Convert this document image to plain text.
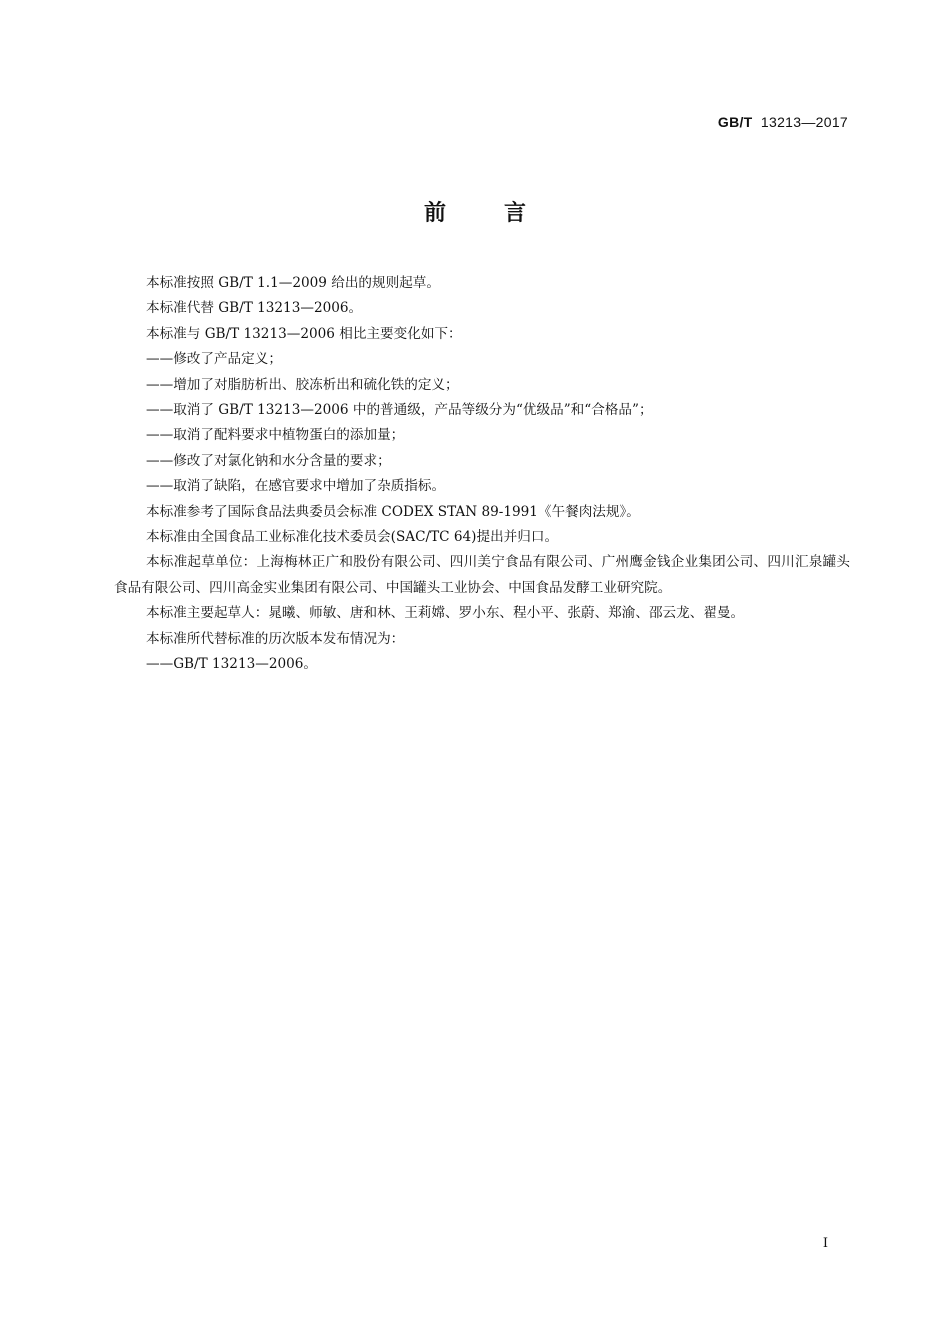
GB/T 13213—2017
前言

本标准按照 GB/T 1.1—2009 给出的规则起草。

本标准代替 GB/T 13213—2006。

本标准与 GB/T 13213—2006 相比主要变化如下：

——修改了产品定义；

——增加了对脂肪析出、胶冻析出和硫化铁的定义；

——取消了 GB/T 13213—2006 中的普通级，产品等级分为“优级品”和“合格品”；

——取消了配料要求中植物蛋白的添加量；

——修改了对氯化钠和水分含量的要求；

——取消了缺陷，在感官要求中增加了杂质指标。

本标准参考了国际食品法典委员会标准 CODEX STAN 89-1991《午餐肉法规》。

本标准由全国食品工业标准化技术委员会(SAC/TC 64)提出并归口。

本标准起草单位：上海梅林正广和股份有限公司、四川美宁食品有限公司、广州鹰金钱企业集团公司、四川汇泉罐头食品有限公司、四川高金实业集团有限公司、中国罐头工业协会、中国食品发酵工业研究院。

本标准主要起草人：晁曦、师敏、唐和林、王莉嫦、罗小东、程小平、张蔚、郑渝、邵云龙、翟曼。

本标准所代替标准的历次版本发布情况为：

——GB/T 13213—2006。

I
